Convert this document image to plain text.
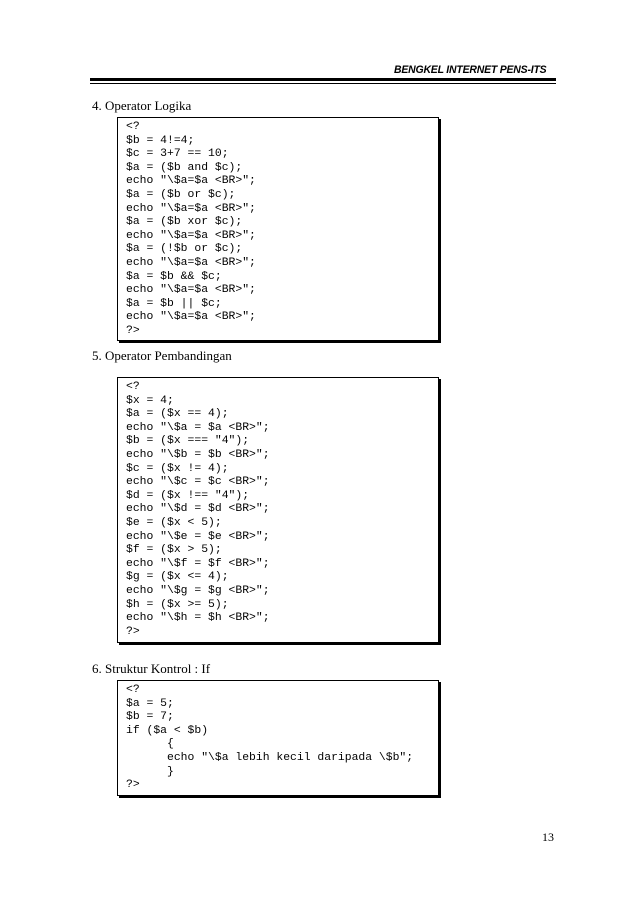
BENGKEL INTERNET PENS-ITS
4. Operator Logika
<?
$b = 4!=4;
$c = 3+7 == 10;
$a = ($b and $c);
echo "\$a=$a <BR>";
$a = ($b or $c);
echo "\$a=$a <BR>";
$a = ($b xor $c);
echo "\$a=$a <BR>";
$a = (!$b or $c);
echo "\$a=$a <BR>";
$a = $b && $c;
echo "\$a=$a <BR>";
$a = $b || $c;
echo "\$a=$a <BR>";
?>
5. Operator Pembandingan
<?
$x = 4;
$a = ($x == 4);
echo "\$a = $a <BR>";
$b = ($x === "4");
echo "\$b = $b <BR>";
$c = ($x != 4);
echo "\$c = $c <BR>";
$d = ($x !== "4");
echo "\$d = $d <BR>";
$e = ($x < 5);
echo "\$e = $e <BR>";
$f = ($x > 5);
echo "\$f = $f <BR>";
$g = ($x <= 4);
echo "\$g = $g <BR>";
$h = ($x >= 5);
echo "\$h = $h <BR>";
?>
6. Struktur Kontrol : If
<?
$a = 5;
$b = 7;
if ($a < $b)
{
echo "\$a lebih kecil daripada \$b";
}
?>
13
